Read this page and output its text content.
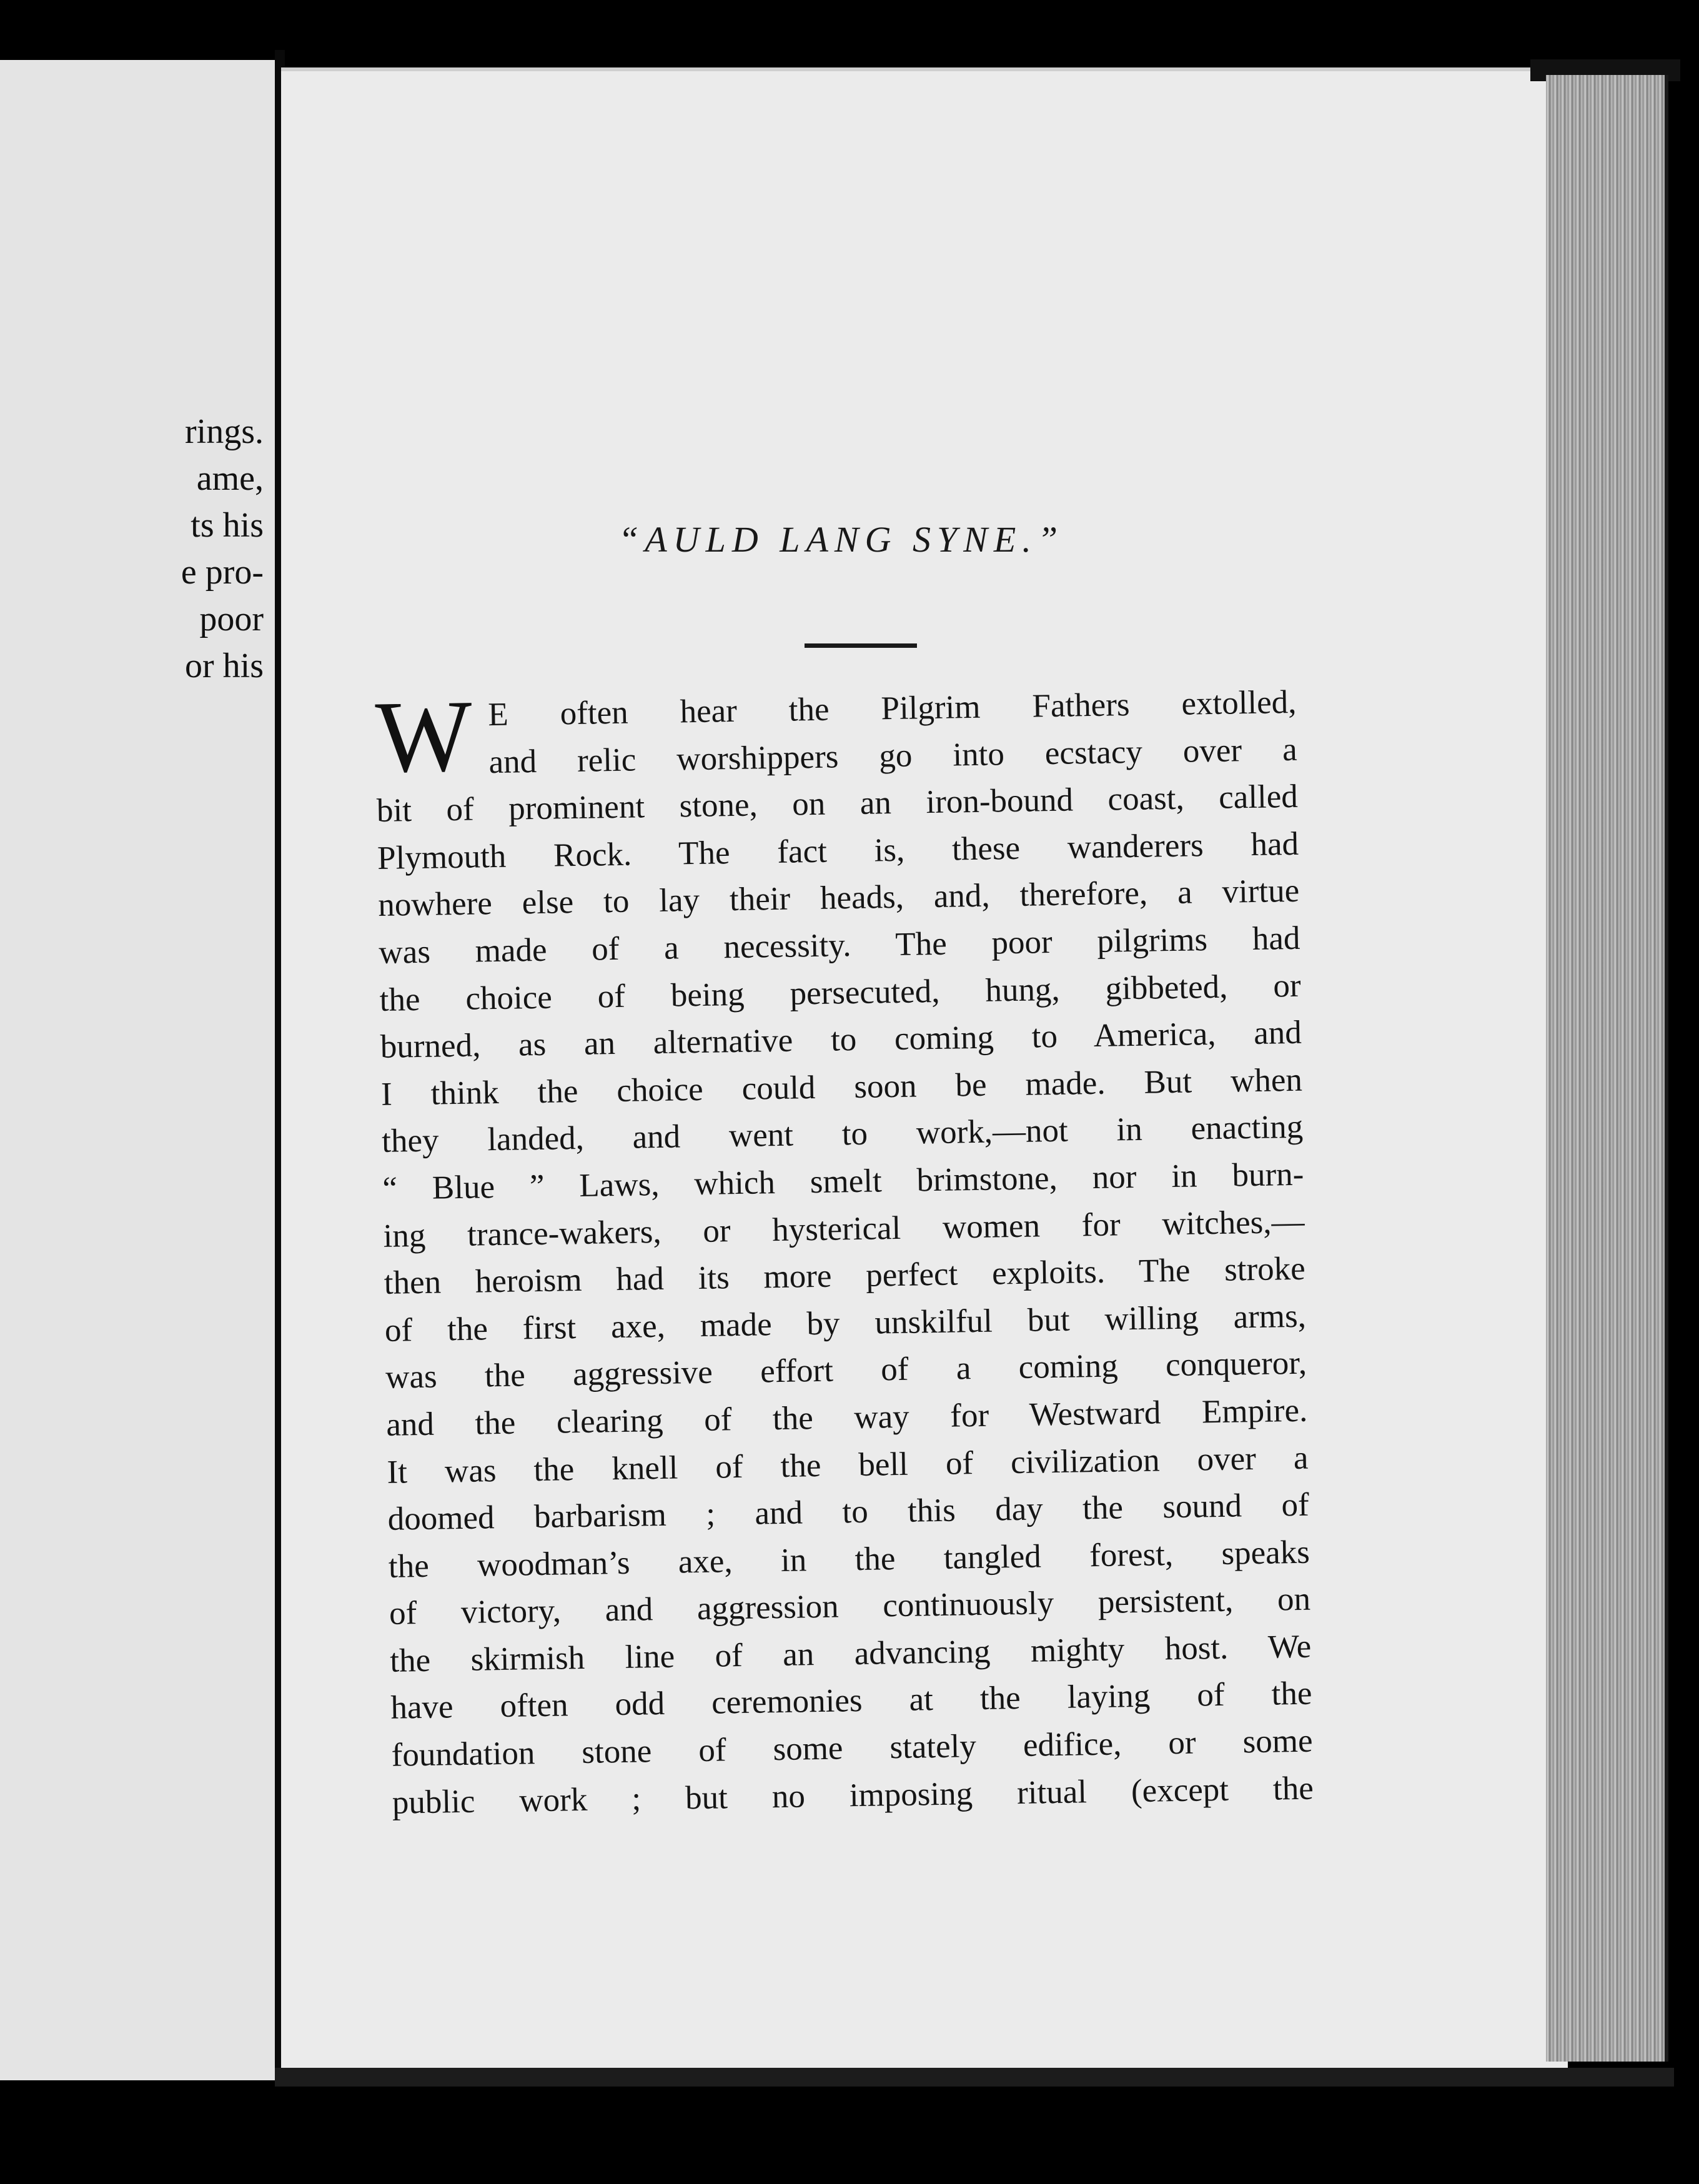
rings.
ame,
ts his
e pro-
poor
or his
“AULD LANG SYNE.”
W E often hear the Pilgrim Fathers extolled,
and relic worshippers go into ecstacy over a
bit of prominent stone, on an iron-bound coast, called
Plymouth Rock. The fact is, these wanderers had
nowhere else to lay their heads, and, therefore, a virtue
was made of a necessity. The poor pilgrims had
the choice of being persecuted, hung, gibbeted, or
burned, as an alternative to coming to America, and
I think the choice could soon be made. But when
they landed, and went to work,—not in enacting
“ Blue ” Laws, which smelt brimstone, nor in burn-
ing trance-wakers, or hysterical women for witches,—
then heroism had its more perfect exploits. The stroke
of the first axe, made by unskilful but willing arms,
was the aggressive effort of a coming conqueror,
and the clearing of the way for Westward Empire.
It was the knell of the bell of civilization over a
doomed barbarism ; and to this day the sound of
the woodman’s axe, in the tangled forest, speaks
of victory, and aggression continuously persistent, on
the skirmish line of an advancing mighty host. We
have often odd ceremonies at the laying of the
foundation stone of some stately edifice, or some
public work ; but no imposing ritual (except the
